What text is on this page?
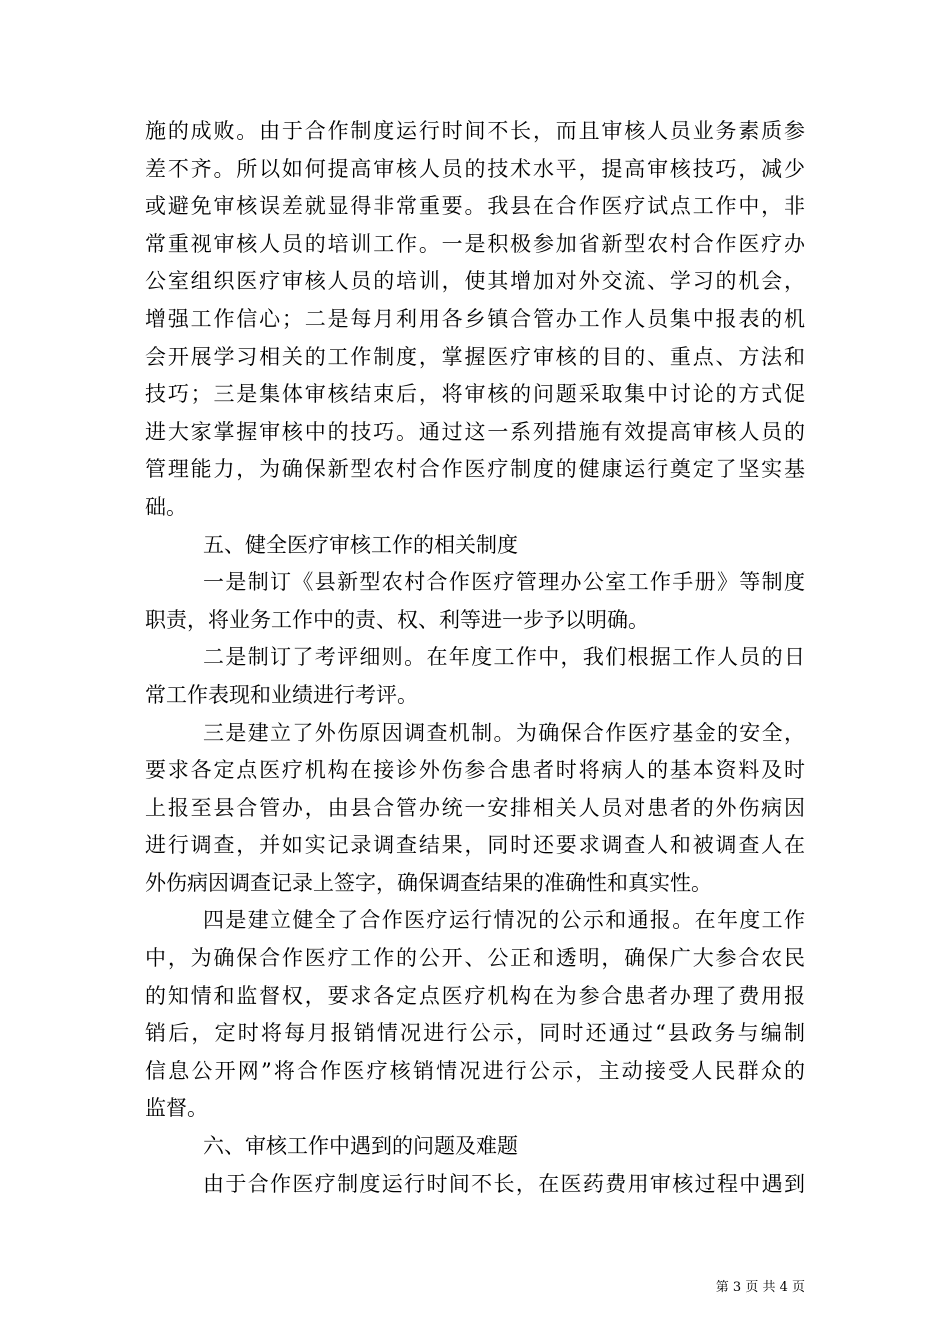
施的成败。由于合作制度运行时间不长，而且审核人员业务素质参
差不齐。所以如何提高审核人员的技术水平，提高审核技巧，减少
或避免审核误差就显得非常重要。我县在合作医疗试点工作中，非
常重视审核人员的培训工作。一是积极参加省新型农村合作医疗办
公室组织医疗审核人员的培训，使其增加对外交流、学习的机会，
增强工作信心；二是每月利用各乡镇合管办工作人员集中报表的机
会开展学习相关的工作制度，掌握医疗审核的目的、重点、方法和
技巧；三是集体审核结束后，将审核的问题采取集中讨论的方式促
进大家掌握审核中的技巧。通过这一系列措施有效提高审核人员的
管理能力，为确保新型农村合作医疗制度的健康运行奠定了坚实基
础。
五、健全医疗审核工作的相关制度
一是制订《县新型农村合作医疗管理办公室工作手册》等制度
职责，将业务工作中的责、权、利等进一步予以明确。
二是制订了考评细则。在年度工作中，我们根据工作人员的日
常工作表现和业绩进行考评。
三是建立了外伤原因调查机制。为确保合作医疗基金的安全，
要求各定点医疗机构在接诊外伤参合患者时将病人的基本资料及时
上报至县合管办，由县合管办统一安排相关人员对患者的外伤病因
进行调查，并如实记录调查结果，同时还要求调查人和被调查人在
外伤病因调查记录上签字，确保调查结果的准确性和真实性。
四是建立健全了合作医疗运行情况的公示和通报。在年度工作
中，为确保合作医疗工作的公开、公正和透明，确保广大参合农民
的知情和监督权，要求各定点医疗机构在为参合患者办理了费用报
销后，定时将每月报销情况进行公示，同时还通过“县政务与编制
信息公开网”将合作医疗核销情况进行公示，主动接受人民群众的
监督。
六、审核工作中遇到的问题及难题
由于合作医疗制度运行时间不长，在医药费用审核过程中遇到
第 3 页 共 4 页
